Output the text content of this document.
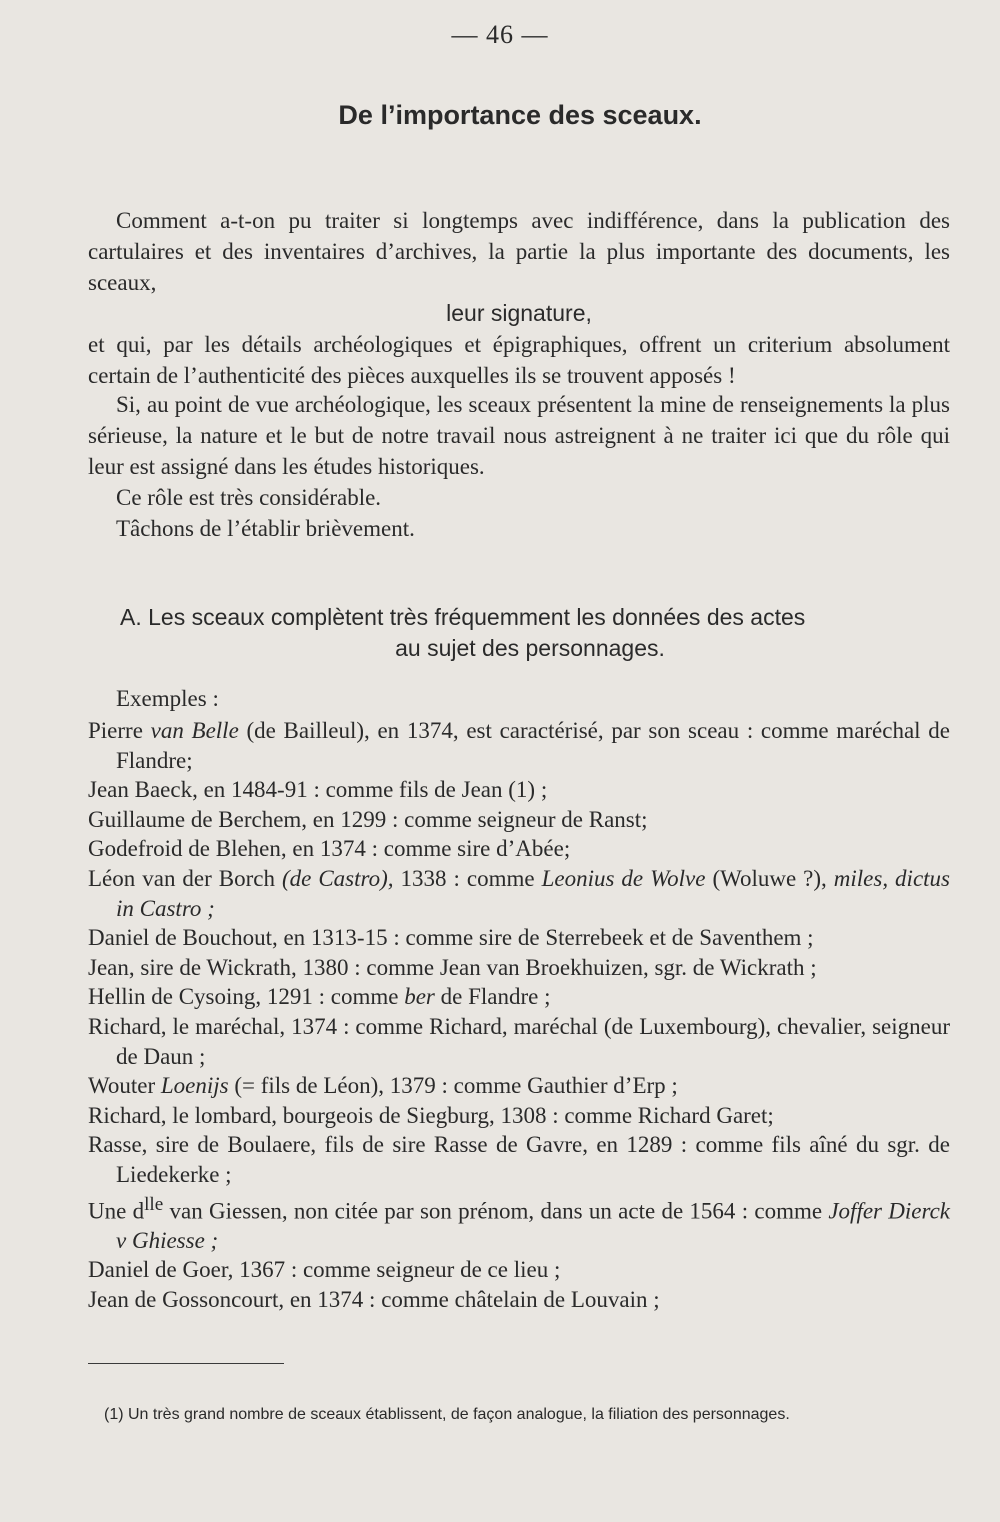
— 46 —
De l’importance des sceaux.
Comment a-t-on pu traiter si longtemps avec indifférence, dans la publication des cartulaires et des inventaires d’archives, la partie la plus importante des documents, les sceaux,
leur signature,
et qui, par les détails archéologiques et épigraphiques, offrent un criterium absolument certain de l’authenticité des pièces auxquelles ils se trouvent apposés !
Si, au point de vue archéologique, les sceaux présentent la mine de renseignements la plus sérieuse, la nature et le but de notre travail nous astreignent à ne traiter ici que du rôle qui leur est assigné dans les études historiques.
Ce rôle est très considérable.
Tâchons de l’établir brièvement.
A. Les sceaux complètent très fréquemment les données des actes
au sujet des personnages.
Exemples :
Pierre van Belle (de Bailleul), en 1374, est caractérisé, par son sceau : comme maréchal de Flandre;
Jean Baeck, en 1484-91 : comme fils de Jean (1) ;
Guillaume de Berchem, en 1299 : comme seigneur de Ranst;
Godefroid de Blehen, en 1374 : comme sire d’Abée;
Léon van der Borch (de Castro), 1338 : comme Leonius de Wolve (Woluwe ?), miles, dictus in Castro ;
Daniel de Bouchout, en 1313-15 : comme sire de Sterrebeek et de Saventhem ;
Jean, sire de Wickrath, 1380 : comme Jean van Broekhuizen, sgr. de Wickrath ;
Hellin de Cysoing, 1291 : comme ber de Flandre ;
Richard, le maréchal, 1374 : comme Richard, maréchal (de Luxembourg), chevalier, seigneur de Daun ;
Wouter Loenijs (= fils de Léon), 1379 : comme Gauthier d’Erp ;
Richard, le lombard, bourgeois de Siegburg, 1308 : comme Richard Garet;
Rasse, sire de Boulaere, fils de sire Rasse de Gavre, en 1289 : comme fils aîné du sgr. de Liedekerke ;
Une $d^{lle}$ van Giessen, non citée par son prénom, dans un acte de 1564 : comme Joffer Dierck v Ghiesse ;
Daniel de Goer, 1367 : comme seigneur de ce lieu ;
Jean de Gossoncourt, en 1374 : comme châtelain de Louvain ;
(1) Un très grand nombre de sceaux établissent, de façon analogue, la filiation des personnages.
